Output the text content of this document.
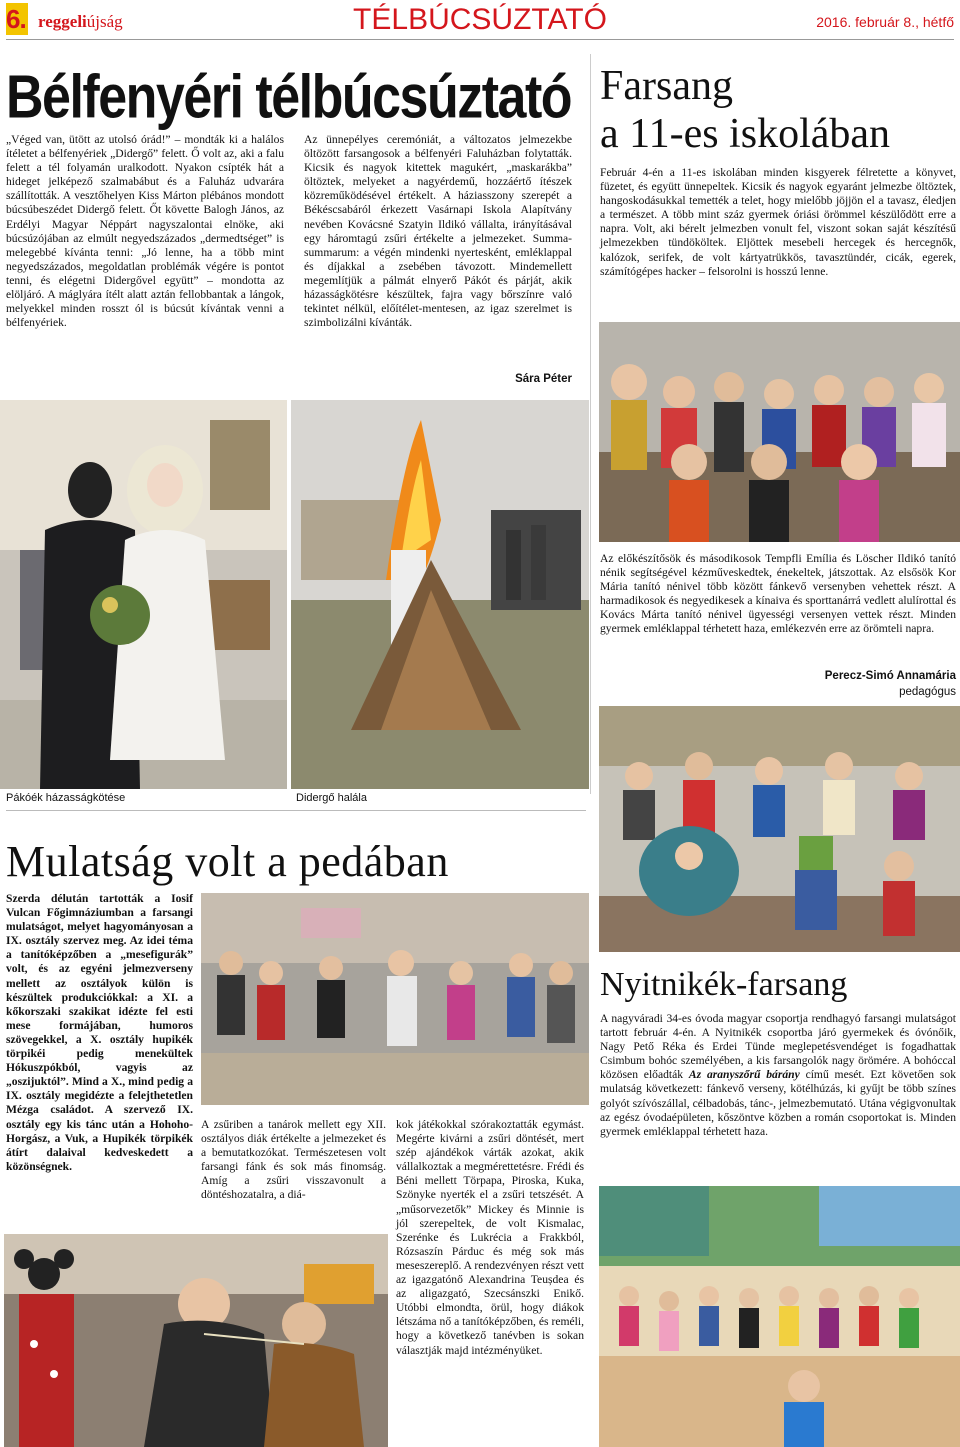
6. reggeliújság	TÉLBÚCSÚZTATÓ	2016. február 8., hétfő
Bélfenyéri télbúcsúztató

„Véged van, ütött az utolsó órád!” – mondták ki a halálos ítéletet a bélfenyériek „Didergő” felett. Ő volt az, aki a falu felett a tél folyamán uralkodott. Nyakon csípték hát a hideget jelképező szalmabábut és a Faluház udvarára szállították. A vesztőhelyen Kiss Márton plébános mondott búcsúbeszédet Didergő felett. Őt követte Balogh János, az Erdélyi Magyar Néppárt nagyszalontai elnöke, aki búcsúzójában az elmúlt negyedszázados „dermedtséget” is melegebbé kívánta tenni: „Jó lenne, ha a több mint negyedszázados, megoldatlan problémák végére is pontot tenni, és elégetni Didergővel együtt” – mondotta az elöljáró. A máglyára ítélt alatt aztán fellobbantak a lángok, melyekkel minden rosszt ól is búcsút kívántak venni a bélfenyériek.

Az ünnepélyes ceremóniát, a változatos jelmezekbe öltözött farsangosok a bélfenyéri Faluházban folytatták. Kicsik és nagyok kitettek magukért, „maskarákba” öltöztek, melyeket a nagyérdemű, hozzáértő ítészek közreműködésével értékelt. A háziasszony szerepét a Békéscsabáról érkezett Vasárnapi Iskola Alapítvány nevében Kovácsné Szatyin Ildikó vállalta, irányításával egy háromtagú zsűri értékelte a jelmezeket. Summa-summarum: a végén mindenki nyertesként, emléklappal és díjakkal a zsebében távozott. Mindemellett megemlítjük a pálmát elnyerő Pákót és párját, akik házasságkötésre készültek, fajra vagy bőrszínre való tekintet nélkül, előítélet-mentesen, az igaz szerelmet is szimbolizálni kívánták.

Sára Péter
Pákóék házasságkötése	Didergő halála
Farsang
a 11-es iskolában

Február 4-én a 11-es iskolában minden kisgyerek félretette a könyvet, füzetet, és együtt ünnepeltek. Kicsik és nagyok egyaránt jelmezbe öltöztek, hangoskodásukkal temették a telet, hogy mielőbb jöjjön el a tavasz, éledjen a természet. A több mint száz gyermek óriási örömmel készülődött erre a napra. Volt, aki bérelt jelmezben vonult fel, viszont sokan saját készítésű jelmezekben tündököltek. Eljöttek mesebeli hercegek és hercegnők, kalózok, serifek, de volt kártyatrükkös, tavasztündér, cicák, egerek, számítógépes hacker – felsorolni is hosszú lenne.

Az előkészítősök és másodikosok Tempfli Emília és Löscher Ildikó tanító nénik segítségével kézműveskedtek, énekeltek, játszottak. Az elsősök Kor Mária tanító nénivel több között fánkevő versenyben vehettek részt. A harmadikosok és negyedikesek a kínaiva és sporttanárrá vedlett alulírottal és Kovács Márta tanító nénivel ügyességi versenyen vettek részt. Minden gyermek emléklappal térhetett haza, emlékezvén erre az örömteli napra.

Perecz-Simó Annamária
pedagógus
Mulatság volt a pedában

Szerda délután tartották a Iosif Vulcan Főgimnáziumban a farsangi mulatságot, melyet hagyományosan a IX. osztály szervez meg. Az idei téma a tanítóképzőben a „mesefigurák” volt, és az egyéni jelmezverseny mellett az osztályok külön is készültek produkciókkal: a XI. a kőkorszaki szakikat idézte fel esti mese formájában, humoros szövegekkel, a X. osztály hupikék törpikéi pedig menekültek Hókuszpókból, vagyis az „oszijuktól”. Mind a X., mind pedig a IX. osztály megidézte a felejthetetlen Mézga családot. A szervező IX. osztály egy kis tánc után a Hohoho-Horgász, a Vuk, a Hupikék törpikék átírt dalaival kedveskedett a közönségnek.

A zsűriben a tanárok mellett egy XII. osztályos diák értékelte a jelmezeket és a bemutatkozókat. Természetesen volt farsangi fánk és sok más finomság. Amíg a zsűri visszavonult a döntéshozatalra, a diá-

kok játékokkal szórakoztatták egymást. Megérte kivárni a zsűri döntését, mert szép ajándékok várták azokat, akik vállalkoztak a megmérettetésre. Frédi és Béni mellett Törpapa, Piroska, Kuka, Szönyke nyerték el a zsűri tetszését. A „műsorvezetők” Mickey és Minnie is jól szerepeltek, de volt Kismalac, Szerénke és Lukrécia a Frakkból, Rózsaszín Párduc és még sok más meseszereplő. A rendezvényen részt vett az igazgatónő Alexandrina Teușdea és az aligazgató, Szecsánszki Enikő. Utóbbi elmondta, örül, hogy diákok létszáma nő a tanítóképzőben, és reméli, hogy a következő tanévben is sokan választják majd intézményüket.

Nyitnikék-farsang

A nagyváradi 34-es óvoda magyar csoportja rendhagyó farsangi mulatságot tartott február 4-én. A Nyitnikék csoportba járó gyermekek és óvónőik, Nagy Pető Réka és Erdei Tünde meglepetésvendéget is fogadhattak Csimbum bohóc személyében, a kis farsangolók nagy örömére. A bohóccal közösen előadták Az aranyszőrű bárány című mesét. Ezt követően sok mulatság következett: fánkevő verseny, kötélhúzás, ki gyűjt be több színes golyót szívószállal, célbadobás, tánc-, jelmezbemutató. Utána végigvonultak az egész óvodaépületen, kőszöntve közben a román csoportokat is. Minden gyermek emléklappal térhetett haza.
